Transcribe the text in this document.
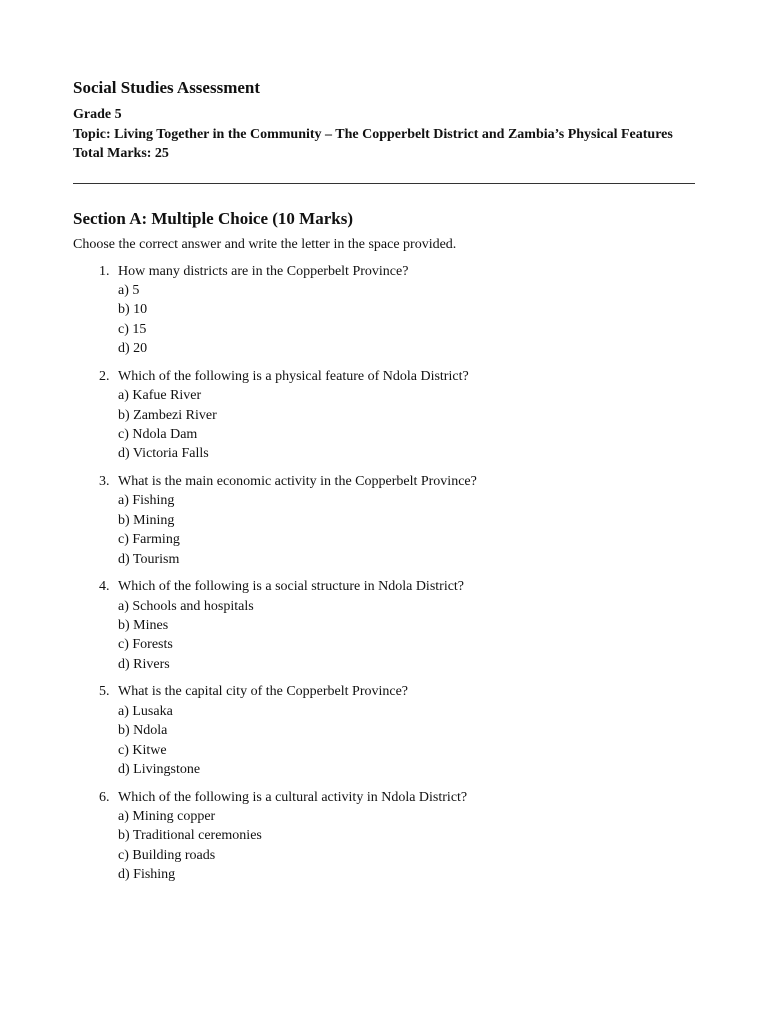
Social Studies Assessment
Grade 5
Topic: Living Together in the Community – The Copperbelt District and Zambia’s Physical Features
Total Marks: 25
Section A: Multiple Choice (10 Marks)
Choose the correct answer and write the letter in the space provided.
1. How many districts are in the Copperbelt Province?
a) 5
b) 10
c) 15
d) 20
2. Which of the following is a physical feature of Ndola District?
a) Kafue River
b) Zambezi River
c) Ndola Dam
d) Victoria Falls
3. What is the main economic activity in the Copperbelt Province?
a) Fishing
b) Mining
c) Farming
d) Tourism
4. Which of the following is a social structure in Ndola District?
a) Schools and hospitals
b) Mines
c) Forests
d) Rivers
5. What is the capital city of the Copperbelt Province?
a) Lusaka
b) Ndola
c) Kitwe
d) Livingstone
6. Which of the following is a cultural activity in Ndola District?
a) Mining copper
b) Traditional ceremonies
c) Building roads
d) Fishing
